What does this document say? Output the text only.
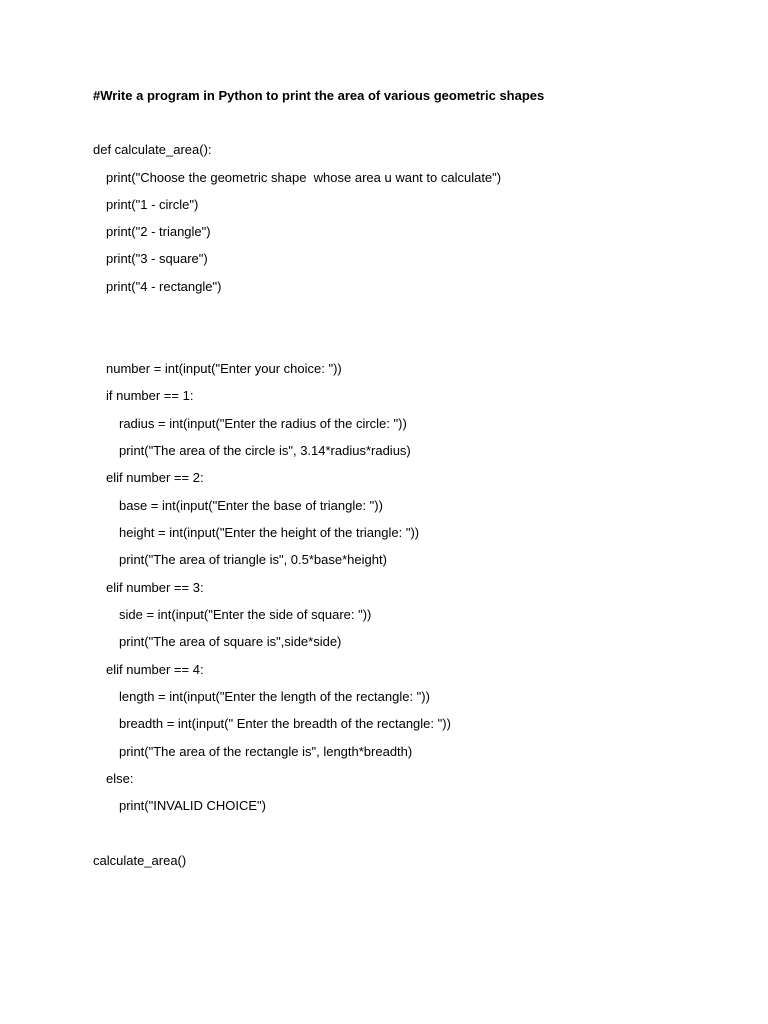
#Write a program in Python to print the area of various geometric shapes
def calculate_area():
print("Choose the geometric shape  whose area u want to calculate")
print("1 - circle")
print("2 - triangle")
print("3 - square")
print("4 - rectangle")
number = int(input("Enter your choice: "))
if number == 1:
radius = int(input("Enter the radius of the circle: "))
print("The area of the circle is", 3.14*radius*radius)
elif number == 2:
base = int(input("Enter the base of triangle: "))
height = int(input("Enter the height of the triangle: "))
print("The area of triangle is", 0.5*base*height)
elif number == 3:
side = int(input("Enter the side of square: "))
print("The area of square is",side*side)
elif number == 4:
length = int(input("Enter the length of the rectangle: "))
breadth = int(input(" Enter the breadth of the rectangle: "))
print("The area of the rectangle is", length*breadth)
else:
print("INVALID CHOICE")
calculate_area()
